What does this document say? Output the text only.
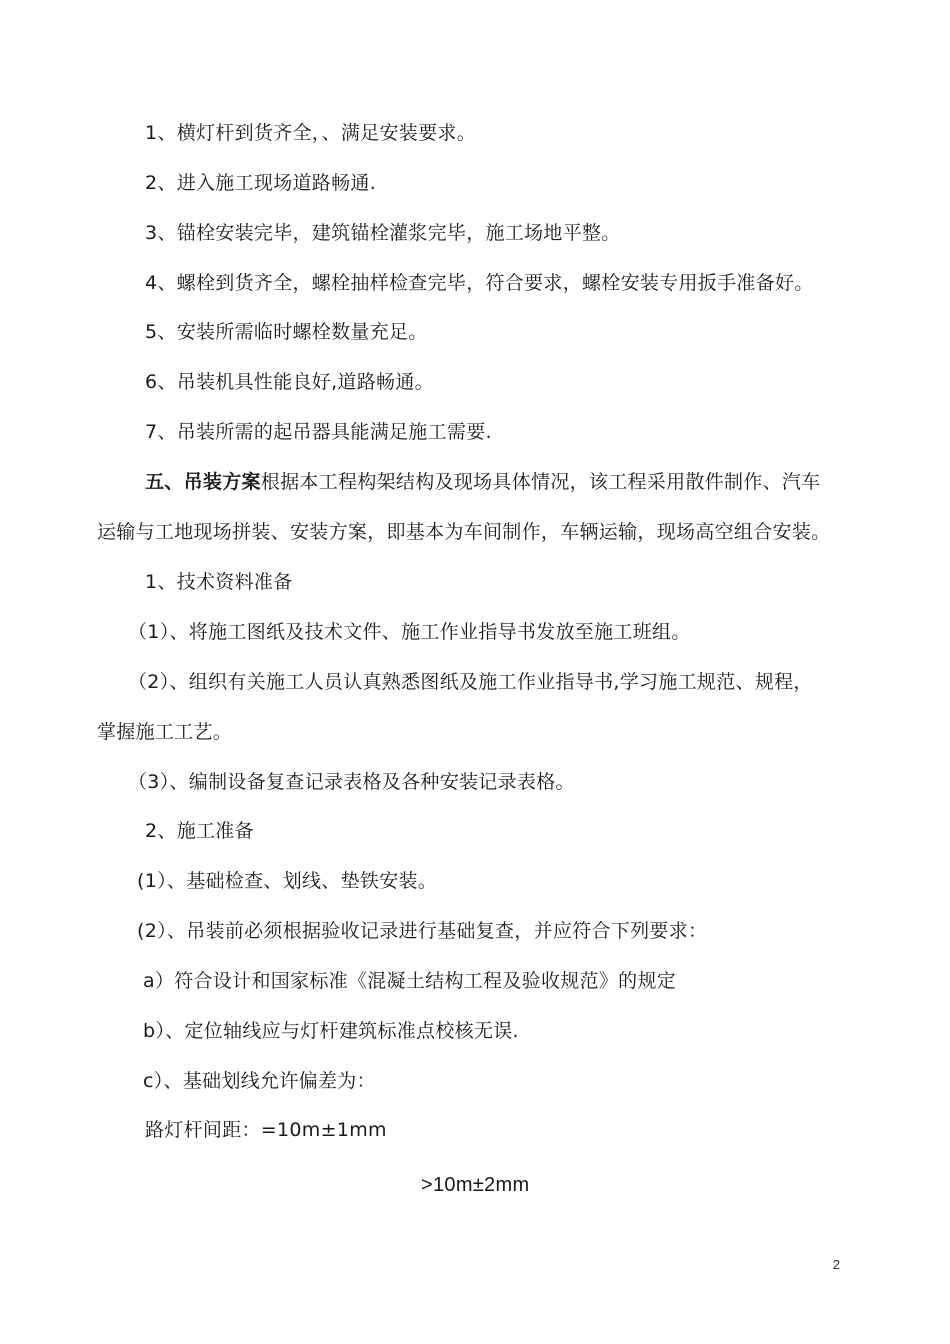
1、横灯杆到货齐全，、满足安装要求。
2、进入施工现场道路畅通.
3、锚栓安装完毕，建筑锚栓灌浆完毕，施工场地平整。
4、螺栓到货齐全，螺栓抽样检查完毕，符合要求，螺栓安装专用扳手准备好。
5、安装所需临时螺栓数量充足。
6、吊装机具性能良好,道路畅通。
7、吊装所需的起吊器具能满足施工需要.
五、吊装方案根据本工程构架结构及现场具体情况，该工程采用散件制作、汽车
运输与工地现场拼装、安装方案，即基本为车间制作，车辆运输，现场高空组合安装。
1、技术资料准备
（1）、将施工图纸及技术文件、施工作业指导书发放至施工班组。
（2）、组织有关施工人员认真熟悉图纸及施工作业指导书,学习施工规范、规程，
掌握施工工艺。
（3）、编制设备复查记录表格及各种安装记录表格。
2、施工准备
(1）、基础检查、划线、垫铁安装。
(2）、吊装前必须根据验收记录进行基础复查，并应符合下列要求：
a）符合设计和国家标准《混凝土结构工程及验收规范》的规定
b）、定位轴线应与灯杆建筑标准点校核无误.
c）、基础划线允许偏差为：
路灯杆间距：=10m±1mm
>10m±2mm
2
